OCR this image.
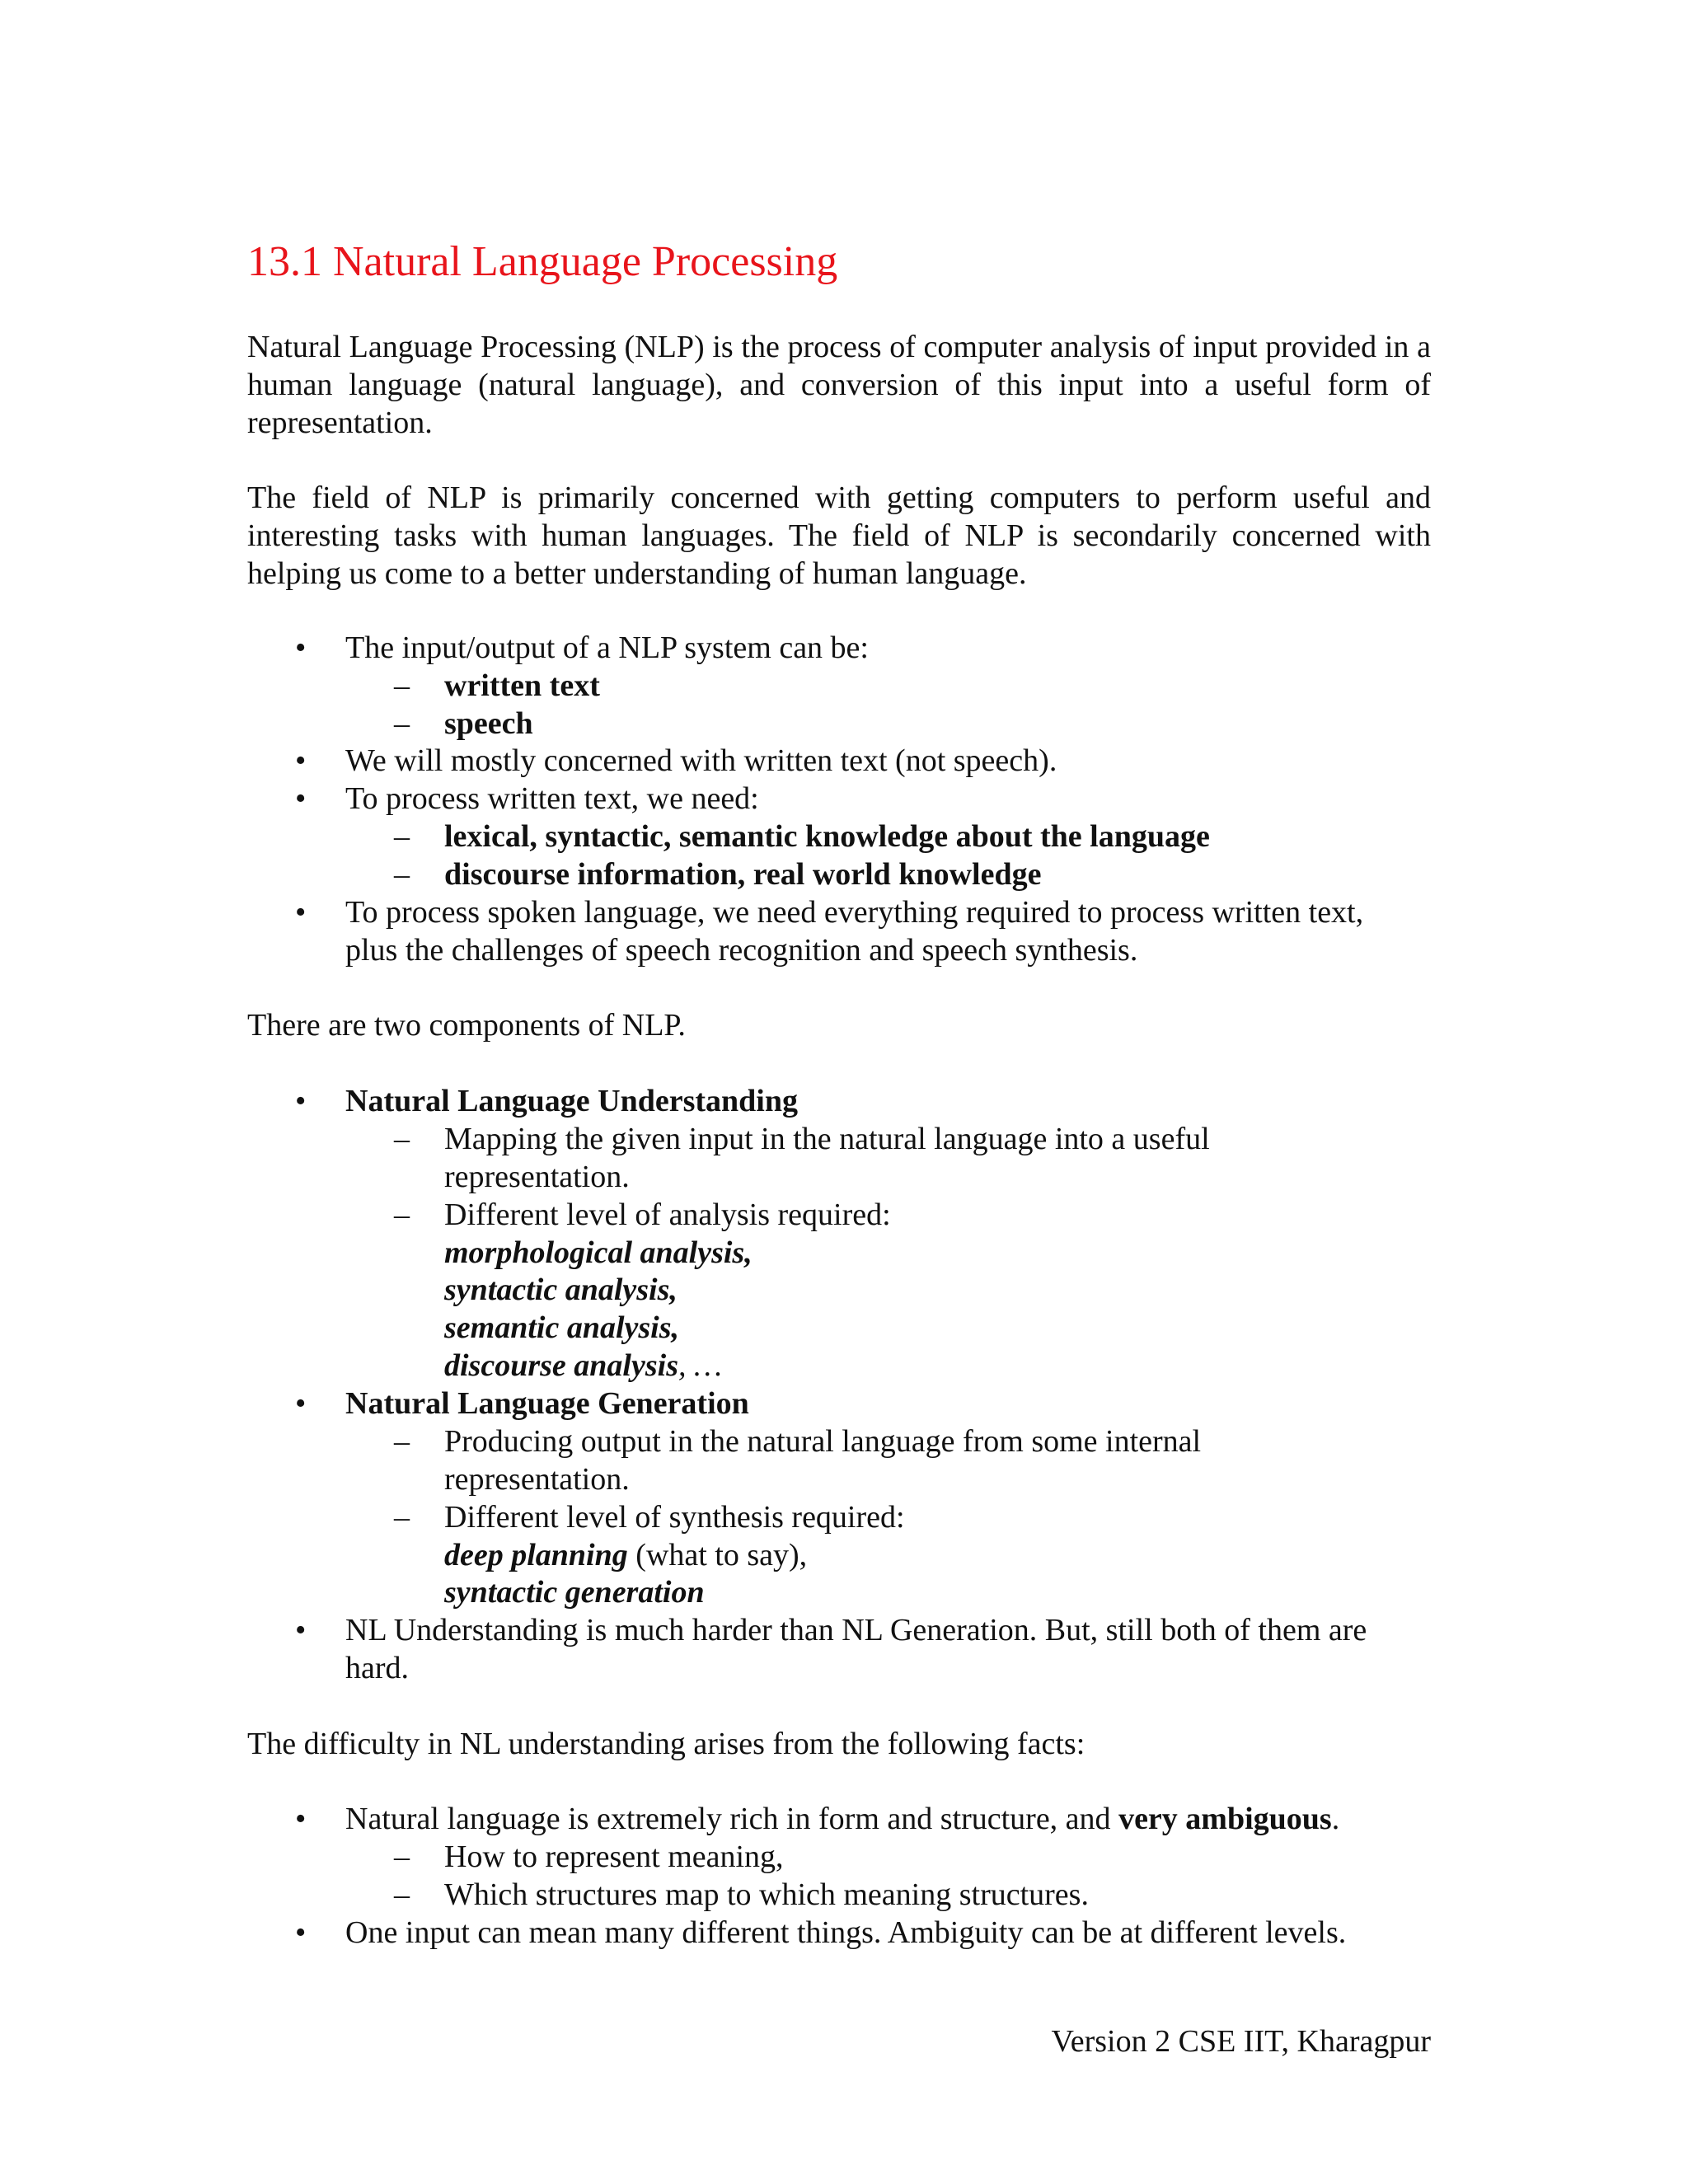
13.1 Natural Language Processing

Natural Language Processing (NLP) is the process of computer analysis of input provided in a human language (natural language), and conversion of this input into a useful form of representation.

The field of NLP is primarily concerned with getting computers to perform useful and interesting tasks with human languages. The field of NLP is secondarily concerned with helping us come to a better understanding of human language.

• The input/output of a NLP system can be:

– written text

– speech

• We will mostly concerned with written text (not speech).

• To process written text, we need:

– lexical, syntactic, semantic knowledge about the language

– discourse information, real world knowledge

• To process spoken language, we need everything required to process written text,

plus the challenges of speech recognition and speech synthesis.

There are two components of NLP.

• Natural Language Understanding

– Mapping the given input in the natural language into a useful

representation.

– Different level of analysis required:

morphological analysis,

syntactic analysis,

semantic analysis,

discourse analysis, …

• Natural Language Generation

– Producing output in the natural language from some internal

representation.

– Different level of synthesis required:

deep planning (what to say),

syntactic generation

• NL Understanding is much harder than NL Generation. But, still both of them are

hard.

The difficulty in NL understanding arises from the following facts:

• Natural language is extremely rich in form and structure, and very ambiguous.

– How to represent meaning,

– Which structures map to which meaning structures.

• One input can mean many different things. Ambiguity can be at different levels.

Version 2 CSE IIT, Kharagpur
